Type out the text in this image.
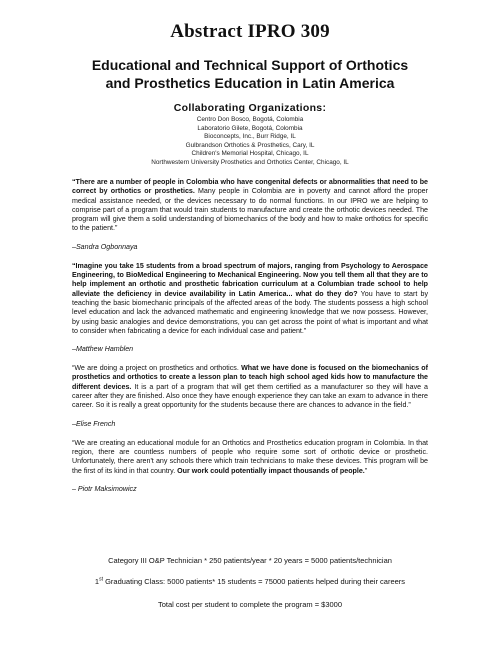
Abstract IPRO 309
Educational and Technical Support of Orthotics
and Prosthetics Education in Latin America
Collaborating Organizations:
Centro Don Bosco, Bogotá, Colombia
Laboratorio Gilete, Bogotá, Colombia
Bioconcepts, Inc., Burr Ridge, IL
Gulbrandson Orthotics & Prosthetics, Cary, IL
Children's Memorial Hospital, Chicago, IL
Northwestern University Prosthetics and Orthotics Center, Chicago, IL

“There are a number of people in Colombia who have congenital defects or abnormalities that need to be correct by orthotics or prosthetics. Many people in Colombia are in poverty and cannot afford the proper medical assistance needed, or the devices necessary to do normal functions. In our IPRO we are helping to comprise part of a program that would train students to manufacture and create the orthotic devices needed. The program will give them a solid understanding of biomechanics of the body and how to make orthotics for specific to the patient.”

–Sandra Ogbonnaya

“Imagine you take 15 students from a broad spectrum of majors, ranging from Psychology to Aerospace Engineering, to BioMedical Engineering to Mechanical Engineering. Now you tell them all that they are to help implement an orthotic and prosthetic fabrication curriculum at a Columbian trade school to help alleviate the deficiency in device availability in Latin America... what do they do? You have to start by teaching the basic biomechanic principals of the affected areas of the body. The students possess a high school level education and lack the advanced mathematic and engineering knowledge that we now possess. However, by using basic analogies and device demonstrations, you can get across the point of what is important and what to consider when fabricating a device for each individual case and patient.”

–Matthew Hamblen

“We are doing a project on prosthetics and orthotics. What we have done is focused on the biomechanics of prosthetics and orthotics to create a lesson plan to teach high school aged kids how to manufacture the different devices. It is a part of a program that will get them certified as a manufacturer so they will have a career after they are finished. Also once they have enough experience they can take an exam to advance in there career. So it is really a great opportunity for the students because there are chances to advance in the field.”

–Elise French

“We are creating an educational module for an Orthotics and Prosthetics education program in Colombia. In that region, there are countless numbers of people who require some sort of orthotic device or prosthetic. Unfortunately, there aren't any schools there which train technicians to make these devices. This program will be the first of its kind in that country. Our work could potentially impact thousands of people.”

– Piotr Maksimowicz

Category III O&P Technician * 250 patients/year * 20 years = 5000 patients/technician

1st Graduating Class: 5000 patients* 15 students = 75000 patients helped during their careers

Total cost per student to complete the program = $3000
